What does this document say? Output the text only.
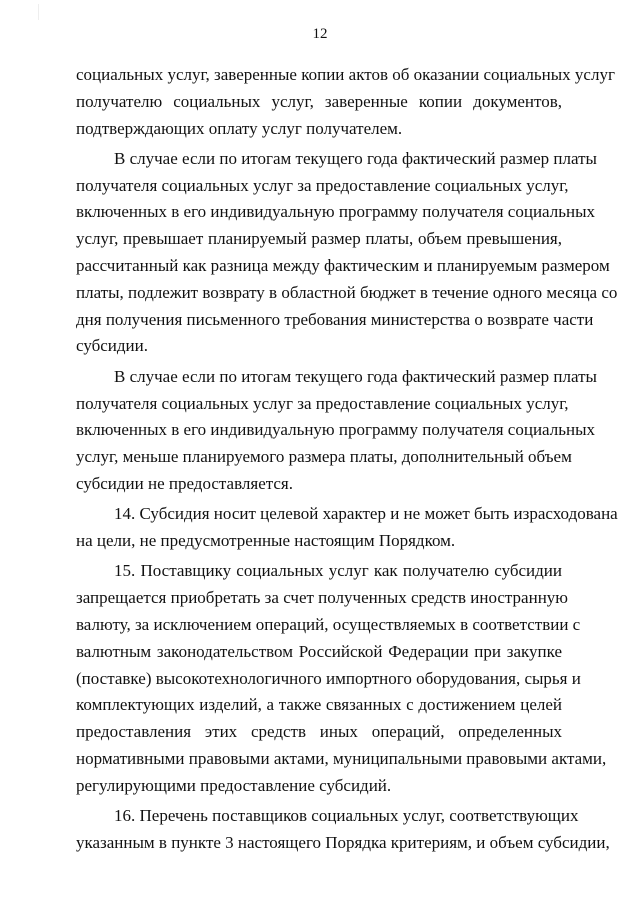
12
социальных услуг, заверенные копии актов об оказании социальных услуг
получателю социальных услуг, заверенные копии документов,
подтверждающих оплату услуг получателем.
В случае если по итогам текущего года фактический размер платы
получателя социальных услуг за предоставление социальных услуг,
включенных в его индивидуальную программу получателя социальных
услуг, превышает планируемый размер платы, объем превышения,
рассчитанный как разница между фактическим и планируемым размером
платы, подлежит возврату в областной бюджет в течение одного месяца со
дня получения письменного требования министерства о возврате части
субсидии.
В случае если по итогам текущего года фактический размер платы
получателя социальных услуг за предоставление социальных услуг,
включенных в его индивидуальную программу получателя социальных
услуг, меньше планируемого размера платы, дополнительный объем
субсидии не предоставляется.
14. Субсидия носит целевой характер и не может быть израсходована
на цели, не предусмотренные настоящим Порядком.
15. Поставщику социальных услуг как получателю субсидии
запрещается приобретать за счет полученных средств иностранную
валюту, за исключением операций, осуществляемых в соответствии с
валютным законодательством Российской Федерации при закупке
(поставке) высокотехнологичного импортного оборудования, сырья и
комплектующих изделий, а также связанных с достижением целей
предоставления этих средств иных операций, определенных
нормативными правовыми актами, муниципальными правовыми актами,
регулирующими предоставление субсидий.
16. Перечень поставщиков социальных услуг, соответствующих
указанным в пункте 3 настоящего Порядка критериям, и объем субсидии,
